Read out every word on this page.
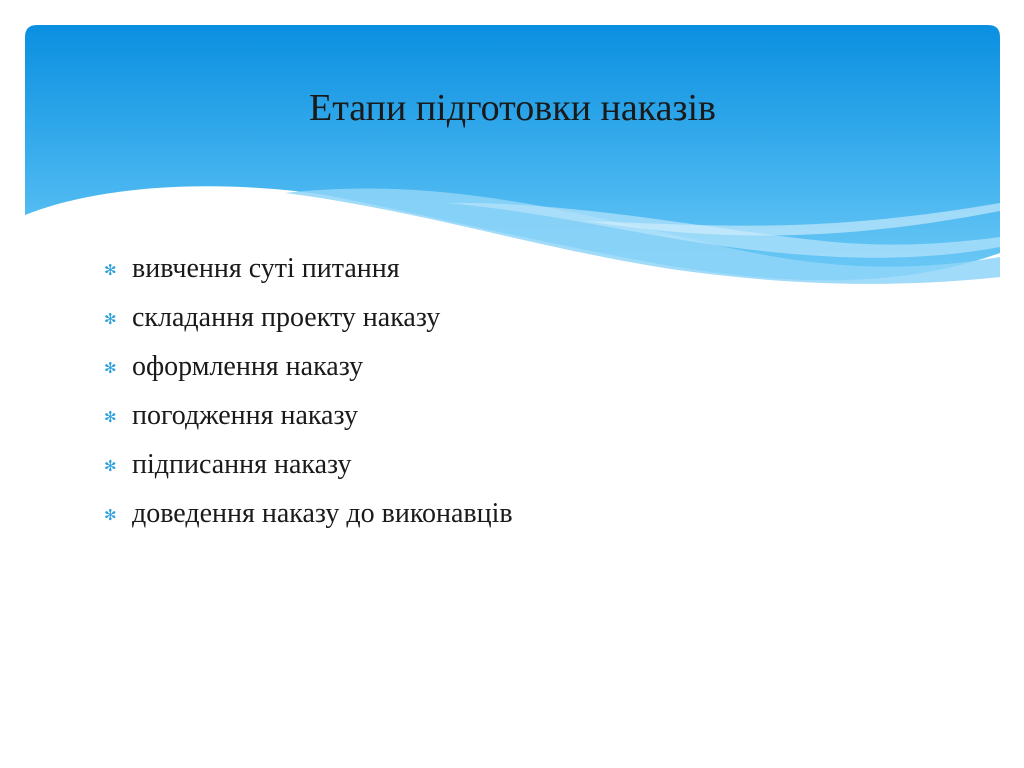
Етапи підготовки наказів
✻ вивчення суті питання
✻ складання проекту наказу
✻ оформлення наказу
✻ погодження наказу
✻ підписання наказу
✻ доведення наказу до виконавців
